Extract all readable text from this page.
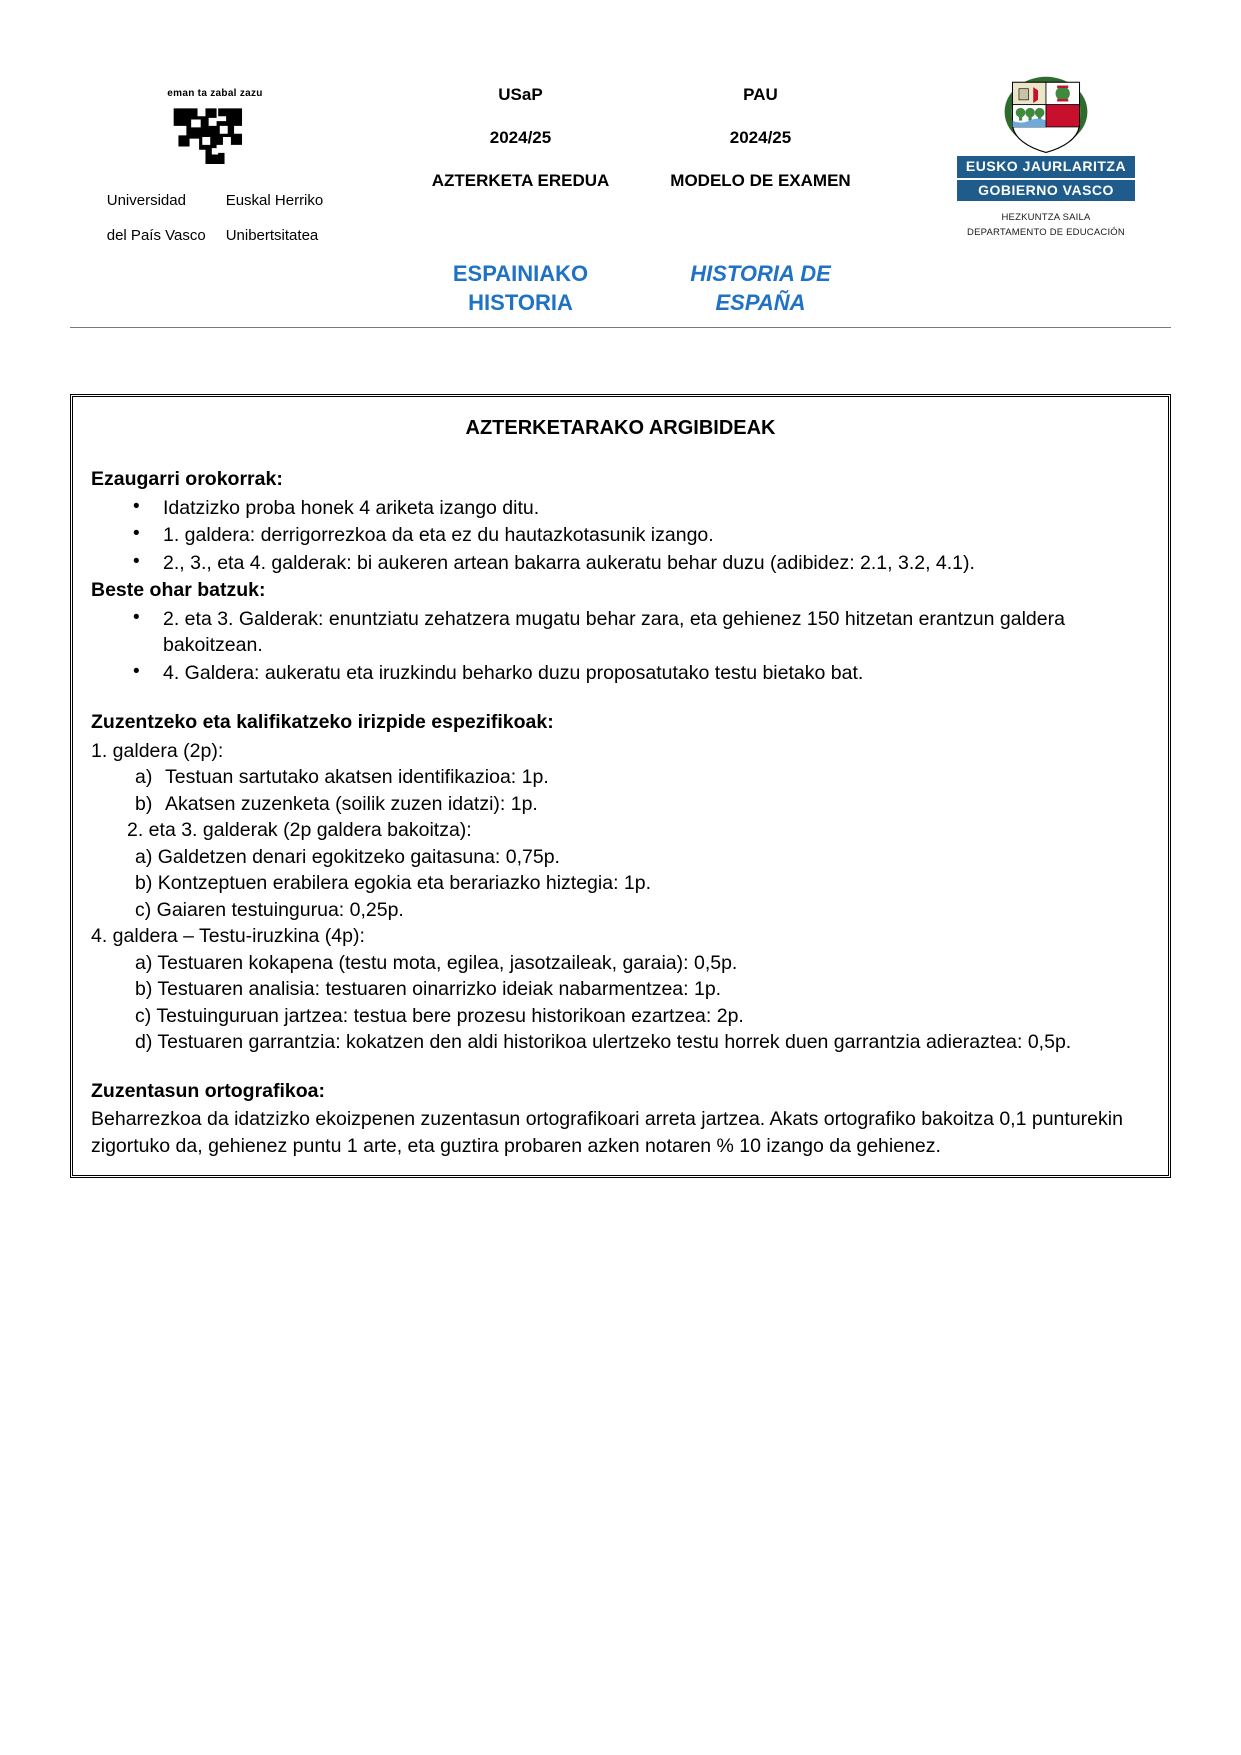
eman ta zabal zazu

Universidad

del País Vasco

Euskal Herriko

Unibertsitatea

USaP
2024/25
AZTERKETA EREDUA
PAU
2024/25
MODELO DE EXAMEN
EUSKO JAURLARITZA
GOBIERNO VASCO
HEZKUNTZA SAILA
DEPARTAMENTO DE EDUCACIÓN
ESPAINIAKO
HISTORIA
HISTORIA DE
ESPAÑA
AZTERKETARAKO ARGIBIDEAK
Ezaugarri orokorrak:
• Idatzizko proba honek 4 ariketa izango ditu.
• 1. galdera: derrigorrezkoa da eta ez du hautazkotasunik izango.
• 2., 3., eta 4. galderak: bi aukeren artean bakarra aukeratu behar duzu (adibidez: 2.1, 3.2, 4.1).
Beste ohar batzuk:
• 2. eta 3. Galderak: enuntziatu zehatzera mugatu behar zara, eta gehienez 150 hitzetan erantzun galdera bakoitzean.
• 4. Galdera: aukeratu eta iruzkindu beharko duzu proposatutako testu bietako bat.
Zuzentzeko eta kalifikatzeko irizpide espezifikoak:
1. galdera (2p):
a) Testuan sartutako akatsen identifikazioa: 1p.
b) Akatsen zuzenketa (soilik zuzen idatzi): 1p.
2. eta 3. galderak (2p galdera bakoitza):
a) Galdetzen denari egokitzeko gaitasuna: 0,75p.
b) Kontzeptuen erabilera egokia eta berariazko hiztegia: 1p.
c) Gaiaren testuingurua: 0,25p.
4. galdera – Testu-iruzkina (4p):
a) Testuaren kokapena (testu mota, egilea, jasotzaileak, garaia): 0,5p.
b) Testuaren analisia: testuaren oinarrizko ideiak nabarmentzea: 1p.
c) Testuinguruan jartzea: testua bere prozesu historikoan ezartzea: 2p.
d) Testuaren garrantzia: kokatzen den aldi historikoa ulertzeko testu horrek duen garrantzia adieraztea: 0,5p.
Zuzentasun ortografikoa:
Beharrezkoa da idatzizko ekoizpenen zuzentasun ortografikoari arreta jartzea. Akats ortografiko bakoitza 0,1 punturekin zigortuko da, gehienez puntu 1 arte, eta guztira probaren azken notaren % 10 izango da gehienez.
